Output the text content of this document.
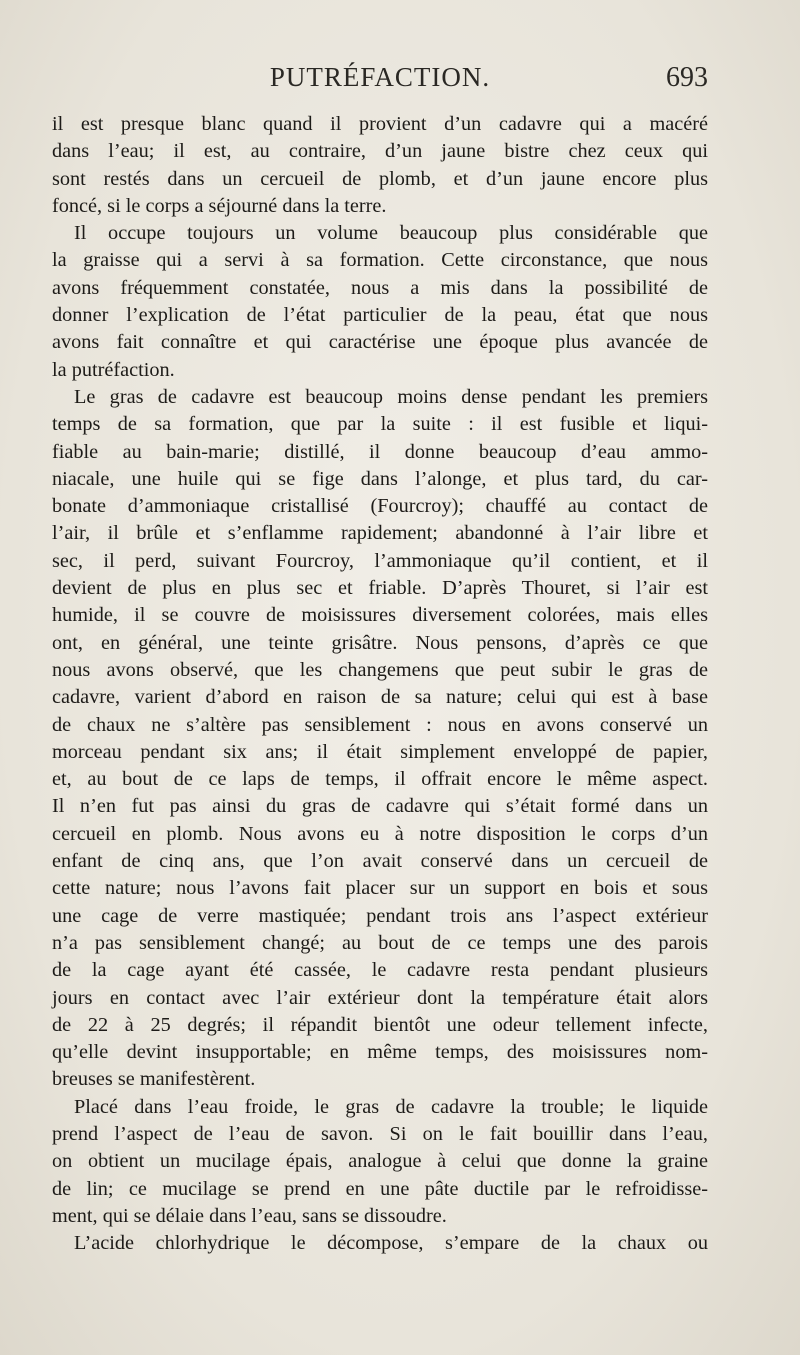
PUTRÉFACTION.	693
il est presque blanc quand il provient d’un cadavre qui a macéré
dans l’eau; il est, au contraire, d’un jaune bistre chez ceux qui
sont restés dans un cercueil de plomb, et d’un jaune encore plus
foncé, si le corps a séjourné dans la terre.
Il occupe toujours un volume beaucoup plus considérable que
la graisse qui a servi à sa formation. Cette circonstance, que nous
avons fréquemment constatée, nous a mis dans la possibilité de
donner l’explication de l’état particulier de la peau, état que nous
avons fait connaître et qui caractérise une époque plus avancée de
la putréfaction.
Le gras de cadavre est beaucoup moins dense pendant les premiers
temps de sa formation, que par la suite : il est fusible et liqui-
fiable au bain-marie; distillé, il donne beaucoup d’eau ammo-
niacale, une huile qui se fige dans l’alonge, et plus tard, du car-
bonate d’ammoniaque cristallisé (Fourcroy); chauffé au contact de
l’air, il brûle et s’enflamme rapidement; abandonné à l’air libre et
sec, il perd, suivant Fourcroy, l’ammoniaque qu’il contient, et il
devient de plus en plus sec et friable. D’après Thouret, si l’air est
humide, il se couvre de moisissures diversement colorées, mais elles
ont, en général, une teinte grisâtre. Nous pensons, d’après ce que
nous avons observé, que les changemens que peut subir le gras de
cadavre, varient d’abord en raison de sa nature; celui qui est à base
de chaux ne s’altère pas sensiblement : nous en avons conservé un
morceau pendant six ans; il était simplement enveloppé de papier,
et, au bout de ce laps de temps, il offrait encore le même aspect.
Il n’en fut pas ainsi du gras de cadavre qui s’était formé dans un
cercueil en plomb. Nous avons eu à notre disposition le corps d’un
enfant de cinq ans, que l’on avait conservé dans un cercueil de
cette nature; nous l’avons fait placer sur un support en bois et sous
une cage de verre mastiquée; pendant trois ans l’aspect extérieur
n’a pas sensiblement changé; au bout de ce temps une des parois
de la cage ayant été cassée, le cadavre resta pendant plusieurs
jours en contact avec l’air extérieur dont la température était alors
de 22 à 25 degrés; il répandit bientôt une odeur tellement infecte,
qu’elle devint insupportable; en même temps, des moisissures nom-
breuses se manifestèrent.
Placé dans l’eau froide, le gras de cadavre la trouble; le liquide
prend l’aspect de l’eau de savon. Si on le fait bouillir dans l’eau,
on obtient un mucilage épais, analogue à celui que donne la graine
de lin; ce mucilage se prend en une pâte ductile par le refroidisse-
ment, qui se délaie dans l’eau, sans se dissoudre.
L’acide chlorhydrique le décompose, s’empare de la chaux ou
